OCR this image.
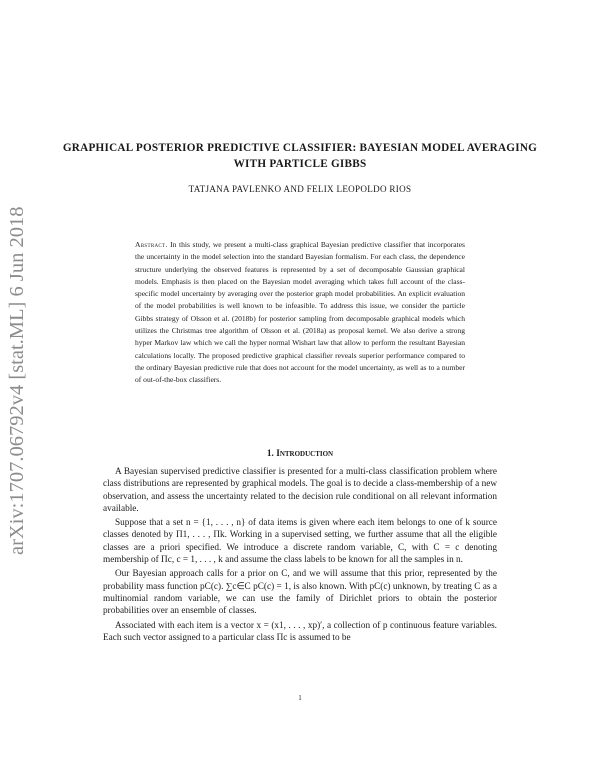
arXiv:1707.06792v4 [stat.ML] 6 Jun 2018
GRAPHICAL POSTERIOR PREDICTIVE CLASSIFIER: BAYESIAN MODEL AVERAGING WITH PARTICLE GIBBS

TATJANA PAVLENKO AND FELIX LEOPOLDO RIOS

Abstract. In this study, we present a multi-class graphical Bayesian predictive classifier that incorporates the uncertainty in the model selection into the standard Bayesian formalism. For each class, the dependence structure underlying the observed features is represented by a set of decomposable Gaussian graphical models. Emphasis is then placed on the Bayesian model averaging which takes full account of the class-specific model uncertainty by averaging over the posterior graph model probabilities. An explicit evaluation of the model probabilities is well known to be infeasible. To address this issue, we consider the particle Gibbs strategy of Olsson et al. (2018b) for posterior sampling from decomposable graphical models which utilizes the Christmas tree algorithm of Olsson et al. (2018a) as proposal kernel. We also derive a strong hyper Markov law which we call the hyper normal Wishart law that allow to perform the resultant Bayesian calculations locally. The proposed predictive graphical classifier reveals superior performance compared to the ordinary Bayesian predictive rule that does not account for the model uncertainty, as well as to a number of out-of-the-box classifiers.

1. Introduction

A Bayesian supervised predictive classifier is presented for a multi-class classification problem where class distributions are represented by graphical models. The goal is to decide a class-membership of a new observation, and assess the uncertainty related to the decision rule conditional on all relevant information available.

Suppose that a set n = {1, . . . , n} of data items is given where each item belongs to one of k source classes denoted by Π1, . . . , Πk. Working in a supervised setting, we further assume that all the eligible classes are a priori specified. We introduce a discrete random variable, C, with C = c denoting membership of Πc, c = 1, . . . , k and assume the class labels to be known for all the samples in n.

Our Bayesian approach calls for a prior on C, and we will assume that this prior, represented by the probability mass function pC(c). ∑c∈C pC(c) = 1, is also known. With pC(c) unknown, by treating C as a multinomial random variable, we can use the family of Dirichlet priors to obtain the posterior probabilities over an ensemble of classes.

Associated with each item is a vector x = (x1, . . . , xp)′, a collection of p continuous feature variables. Each such vector assigned to a particular class Πc is assumed to be

1
